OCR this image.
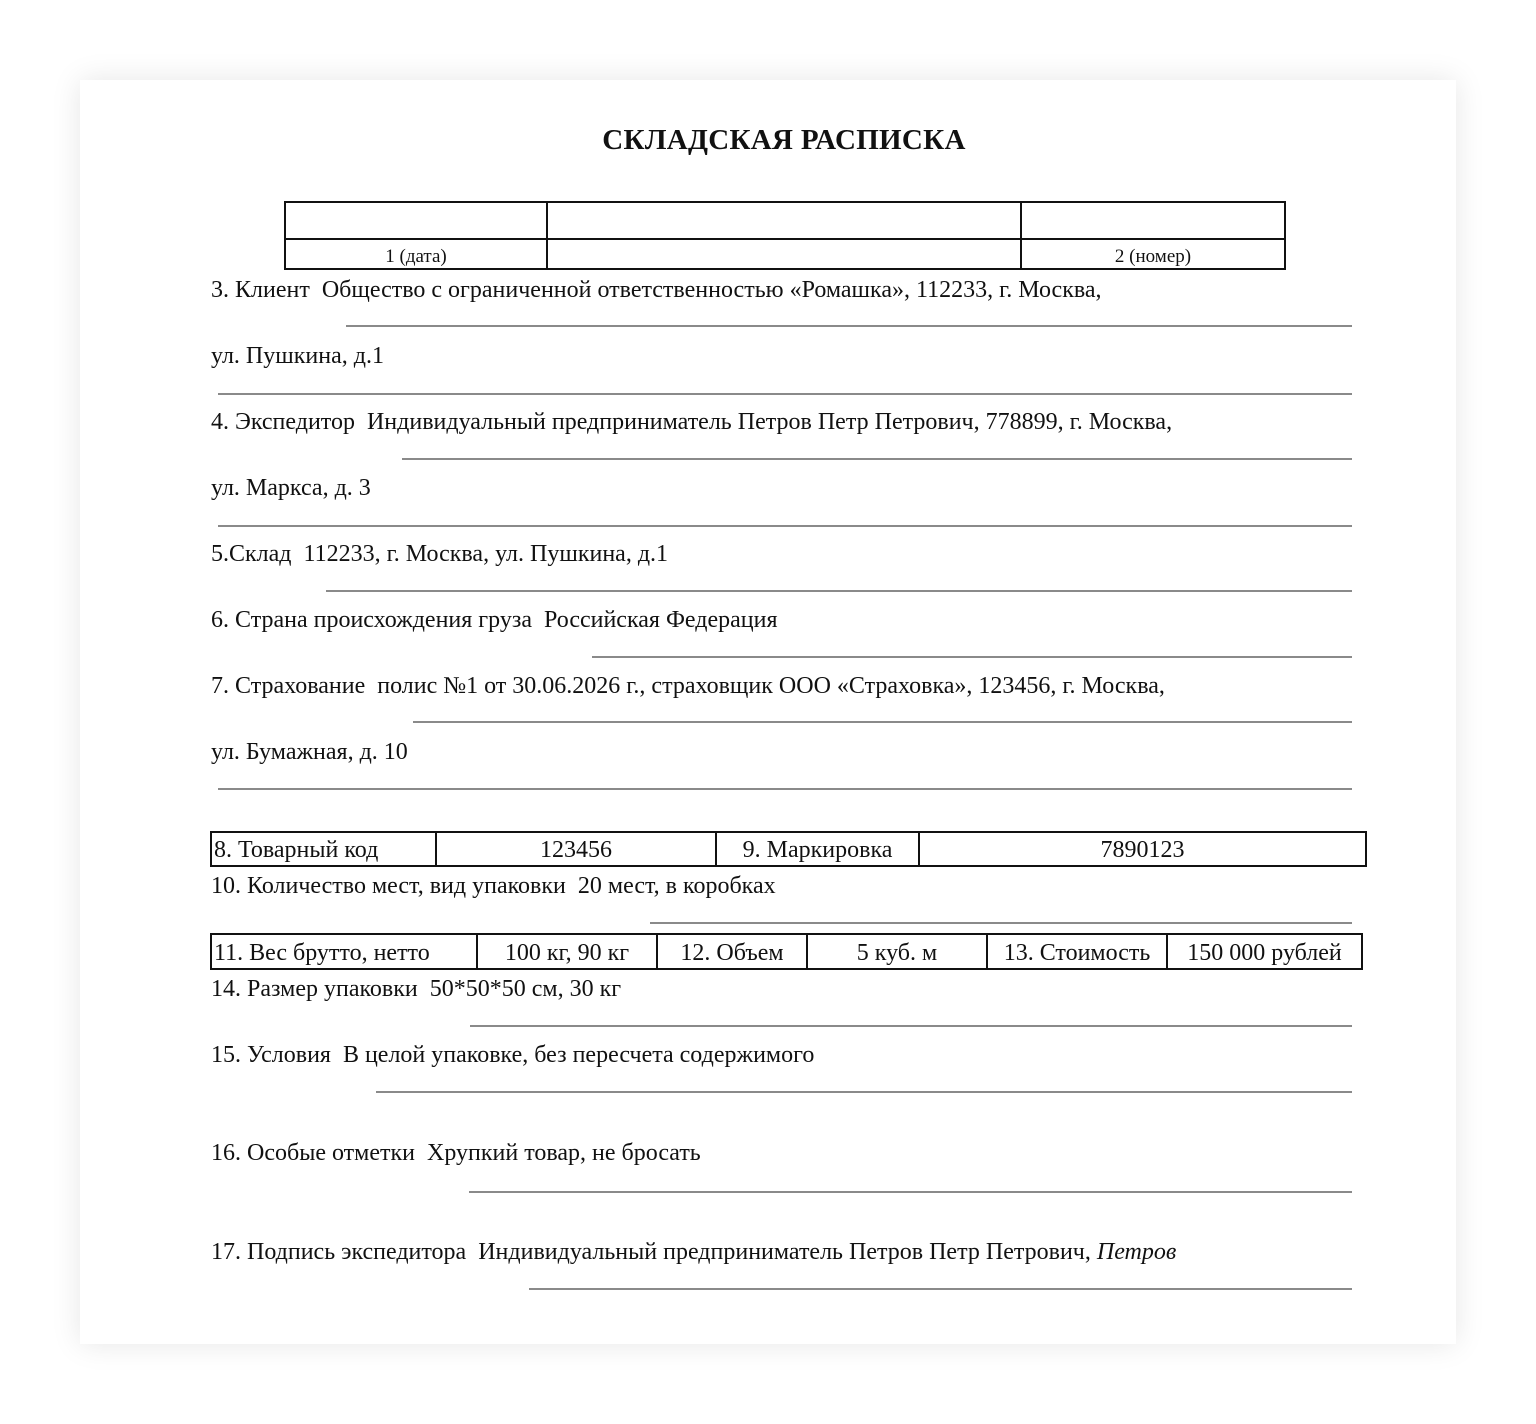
СКЛАДСКАЯ РАСПИСКА

1 (дата)		2 (номер)
3. Клиент Общество с ограниченной ответственностью «Ромашка», 112233, г. Москва,
ул. Пушкина, д.1
4. Экспедитор Индивидуальный предприниматель Петров Петр Петрович, 778899, г. Москва,
ул. Маркса, д. 3
5.Склад 112233, г. Москва, ул. Пушкина, д.1
6. Страна происхождения груза Российская Федерация
7. Страхование полис №1 от 30.06.2026 г., страховщик ООО «Страховка», 123456, г. Москва,
ул. Бумажная, д. 10
8. Товарный код	123456	9. Маркировка	7890123
10. Количество мест, вид упаковки 20 мест, в коробках
11. Вес брутто, нетто	100 кг, 90 кг	12. Объем	5 куб. м	13. Стоимость	150 000 рублей
14. Размер упаковки 50*50*50 см, 30 кг
15. Условия В целой упаковке, без пересчета содержимого
16. Особые отметки Хрупкий товар, не бросать
17. Подпись экспедитора Индивидуальный предприниматель Петров Петр Петрович, Петров
